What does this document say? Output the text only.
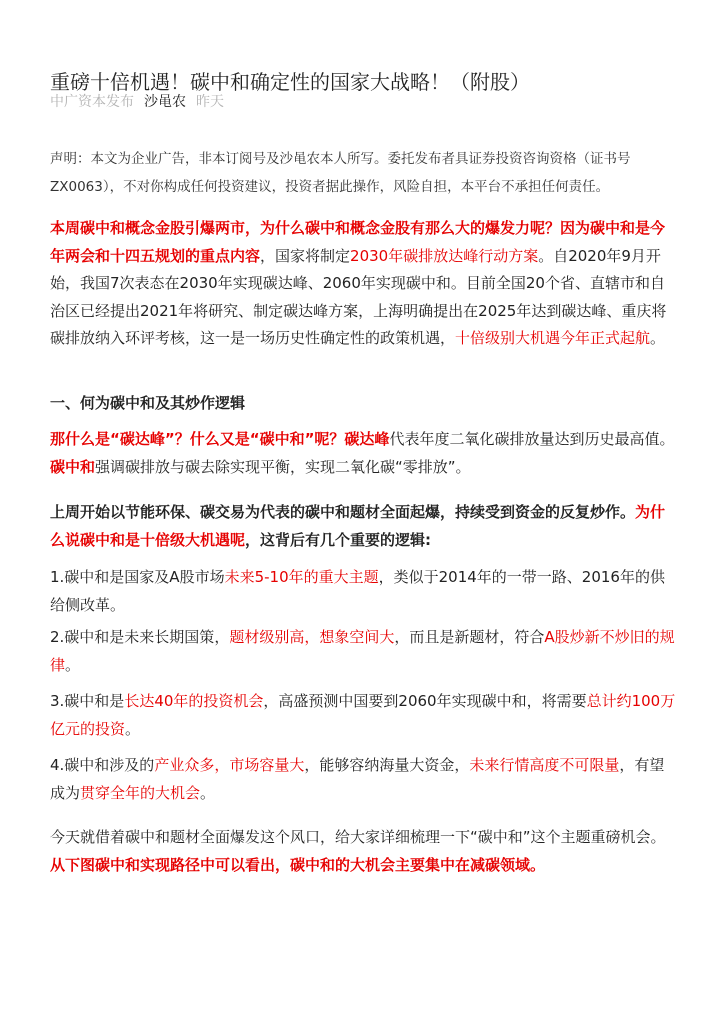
重磅十倍机遇！碳中和确定性的国家大战略！（附股）
中广资本发布 沙黾农 昨天

声明：本文为企业广告，非本订阅号及沙黾农本人所写。委托发布者具证券投资咨询资格（证书号ZX0063），不对你构成任何投资建议，投资者据此操作，风险自担，本平台不承担任何责任。

本周碳中和概念金股引爆两市，为什么碳中和概念金股有那么大的爆发力呢？因为碳中和是今年两会和十四五规划的重点内容，国家将制定2030年碳排放达峰行动方案。自2020年9月开始，我国7次表态在2030年实现碳达峰、2060年实现碳中和。目前全国20个省、直辖市和自治区已经提出2021年将研究、制定碳达峰方案，上海明确提出在2025年达到碳达峰、重庆将碳排放纳入环评考核，这一是一场历史性确定性的政策机遇，十倍级别大机遇今年正式起航。

一、何为碳中和及其炒作逻辑

那什么是“碳达峰”？什么又是“碳中和”呢？碳达峰代表年度二氧化碳排放量达到历史最高值。碳中和强调碳排放与碳去除实现平衡，实现二氧化碳“零排放”。

上周开始以节能环保、碳交易为代表的碳中和题材全面起爆，持续受到资金的反复炒作。为什么说碳中和是十倍级大机遇呢，这背后有几个重要的逻辑:

1.碳中和是国家及A股市场未来5-10年的重大主题，类似于2014年的一带一路、2016年的供给侧改革。

2.碳中和是未来长期国策，题材级别高，想象空间大，而且是新题材，符合A股炒新不炒旧的规律。

3.碳中和是长达40年的投资机会，高盛预测中国要到2060年实现碳中和，将需要总计约100万亿元的投资。

4.碳中和涉及的产业众多，市场容量大，能够容纳海量大资金，未来行情高度不可限量，有望成为贯穿全年的大机会。

今天就借着碳中和题材全面爆发这个风口，给大家详细梳理一下“碳中和”这个主题重磅机会。从下图碳中和实现路径中可以看出，碳中和的大机会主要集中在减碳领域。
